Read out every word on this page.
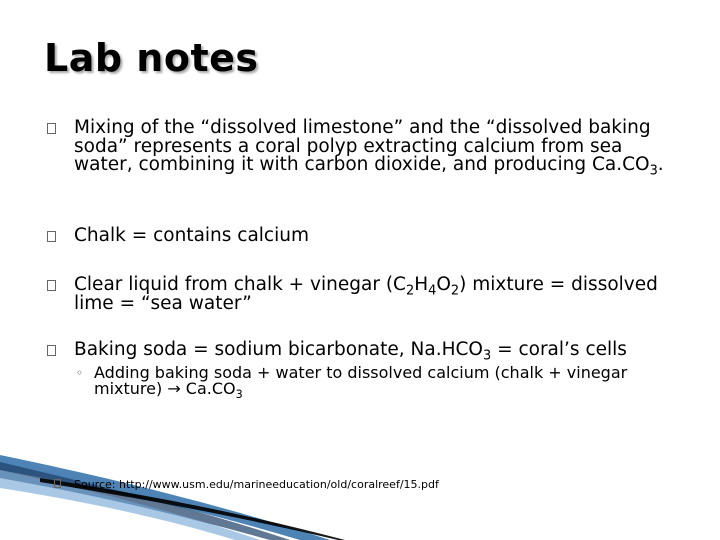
Lab notes
Mixing of the “dissolved limestone” and the “dissolved baking soda” represents a coral polyp extracting calcium from sea water, combining it with carbon dioxide, and producing $Ca.CO_3$.
Chalk = contains calcium
Clear liquid from chalk + vinegar $(C_2H_4O_2)$ mixture = dissolved lime = “sea water”
Baking soda = sodium bicarbonate, $Na.HCO_3$ = coral’s cells
◦ Adding baking soda + water to dissolved calcium (chalk + vinegar mixture) → $Ca.CO_3$
Source: http://www.usm.edu/marineeducation/old/coralreef/15.pdf
